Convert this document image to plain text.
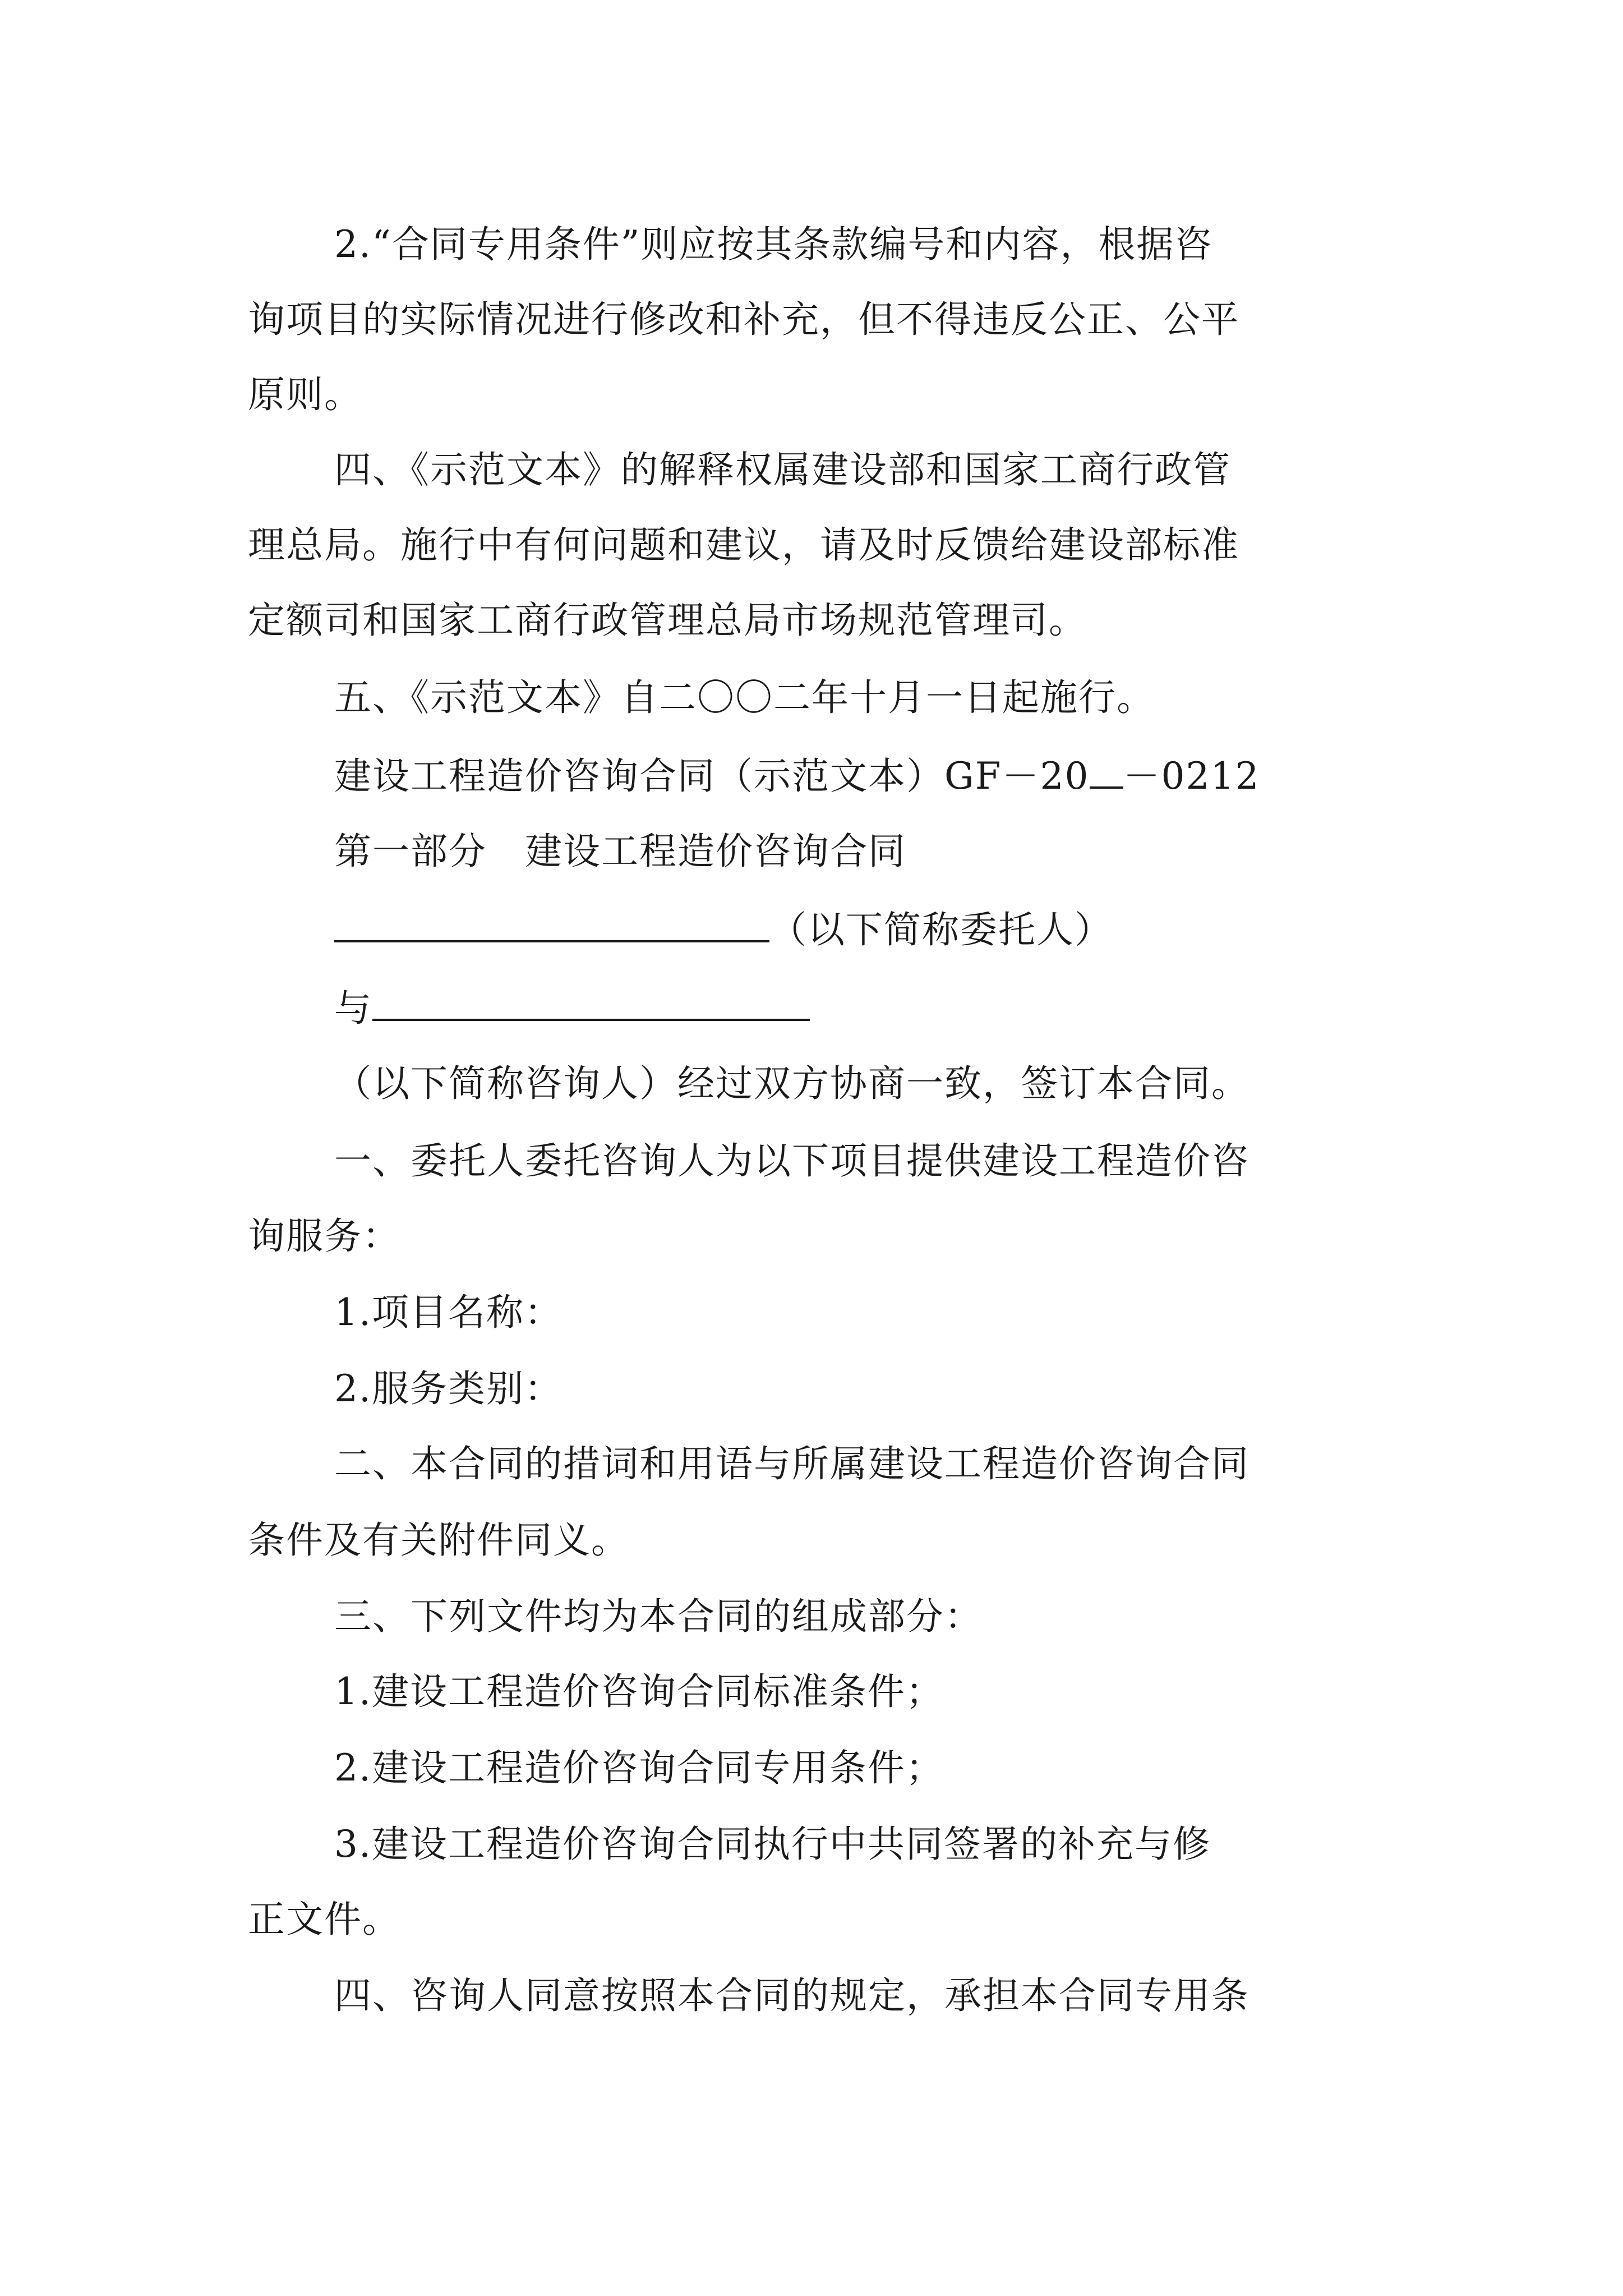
2.“合同专用条件”则应按其条款编号和内容，根据咨
询项目的实际情况进行修改和补充，但不得违反公正、公平
原则。
四、《示范文本》的解释权属建设部和国家工商行政管
理总局。施行中有何问题和建议，请及时反馈给建设部标准
定额司和国家工商行政管理总局市场规范管理司。
五、《示范文本》自二〇〇二年十月一日起施行。
建设工程造价咨询合同（示范文本）GF－20 －0212
第一部分　建设工程造价咨询合同
（以下简称委托人）
与
（以下简称咨询人）经过双方协商一致，签订本合同。
一、委托人委托咨询人为以下项目提供建设工程造价咨
询服务：
1.项目名称：
2.服务类别：
二、本合同的措词和用语与所属建设工程造价咨询合同
条件及有关附件同义。
三、下列文件均为本合同的组成部分：
1.建设工程造价咨询合同标准条件；
2.建设工程造价咨询合同专用条件；
3.建设工程造价咨询合同执行中共同签署的补充与修
正文件。
四、咨询人同意按照本合同的规定，承担本合同专用条
